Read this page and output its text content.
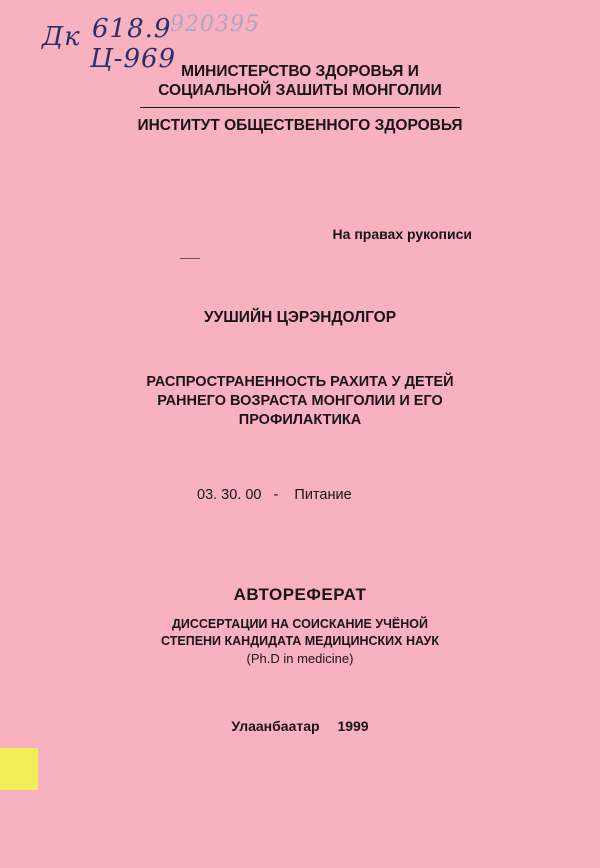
Дк 618.9
920395
Ц-969 МИНИСТЕРСТВО ЗДОРОВЬЯ И
СОЦИАЛЬНОЙ ЗАШИТЫ МОНГОЛИИ
ИНСТИТУТ ОБЩЕСТВЕННОГО ЗДОРОВЬЯ
На правах рукописи
УУШИЙН ЦЭРЭНДОЛГОР
РАСПРОСТРАНЕННОСТЬ РАХИТА У ДЕТЕЙ
РАННЕГО ВОЗРАСТА МОНГОЛИИ И ЕГО
ПРОФИЛАКТИКА
03. 30. 00 - Питание
АВТОРЕФЕРАТ
ДИССЕРТАЦИИ НА СОИСКАНИЕ УЧЁНОЙ
СТЕПЕНИ КАНДИДАТА МЕДИЦИНСКИХ НАУК
(Ph.D in medicine)
Улаанбаатар 1999
